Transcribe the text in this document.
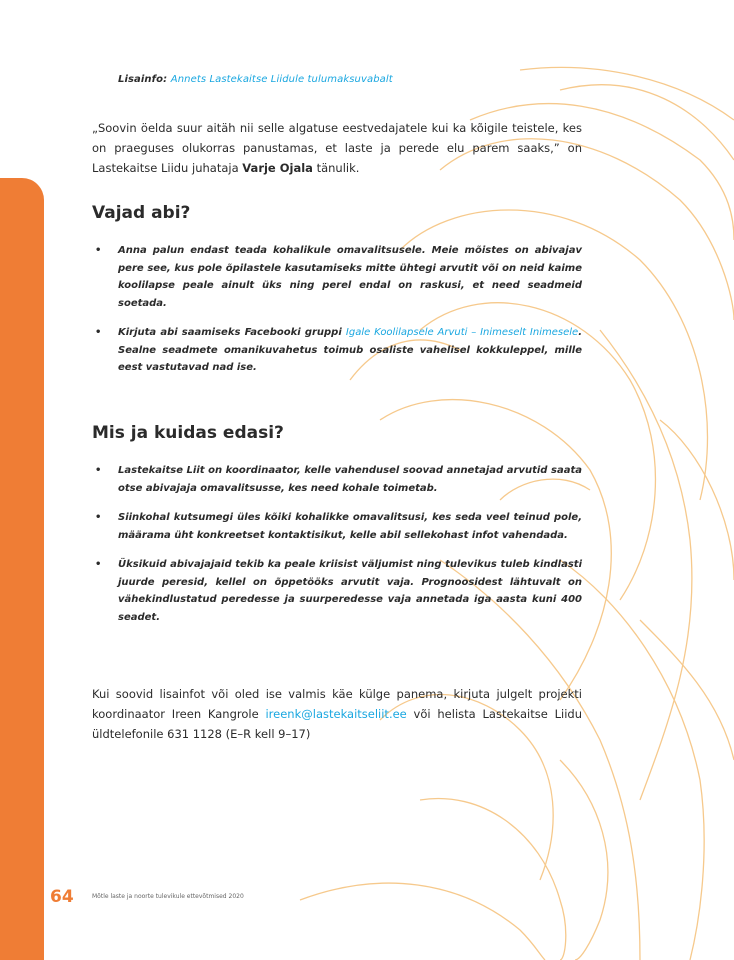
Lisainfo: Annets Lastekaitse Liidule tulumaksuvabalt

„Soovin öelda suur aitäh nii selle algatuse eestvedajatele kui ka kõigile teistele, kes on praeguses olukorras panustamas, et laste ja perede elu parem saaks,” on Lastekaitse Liidu juhataja Varje Ojala tänulik.

Vajad abi?
• Anna palun endast teada kohalikule omavalitsusele. Meie mõistes on abivajav pere see, kus pole õpilastele kasutamiseks mitte ühtegi arvutit või on neid kaime koolilapse peale ainult üks ning perel endal on raskusi, et need seadmeid soetada.
• Kirjuta abi saamiseks Facebooki gruppi Igale Koolilapsele Arvuti – Inimeselt Inimesele. Sealne seadmete omanikuvahetus toimub osaliste vahelisel kokkuleppel, mille eest vastutavad nad ise.
Mis ja kuidas edasi?
• Lastekaitse Liit on koordinaator, kelle vahendusel soovad annetajad arvutid saata otse abivajaja omavalitsusse, kes need kohale toimetab.
• Siinkohal kutsumegi üles kõiki kohalikke omavalitsusi, kes seda veel teinud pole, määrama üht konkreetset kontaktisikut, kelle abil sellekohast infot vahendada.
• Üksikuid abivajajaid tekib ka peale kriisist väljumist ning tulevikus tuleb kindlasti juurde peresid, kellel on õppetööks arvutit vaja. Prognoosidest lähtuvalt on vähekindlustatud peredesse ja suurperedesse vaja annetada iga aasta kuni 400 seadet.

Kui soovid lisainfot või oled ise valmis käe külge panema, kirjuta julgelt projekti koordinaator Ireen Kangrole ireenk@lastekaitseliit.ee või helista Lastekaitse Liidu üldtelefonile 631 1128 (E–R kell 9–17)

64	Mõtle laste ja noorte tulevikule ettevõtmised 2020
